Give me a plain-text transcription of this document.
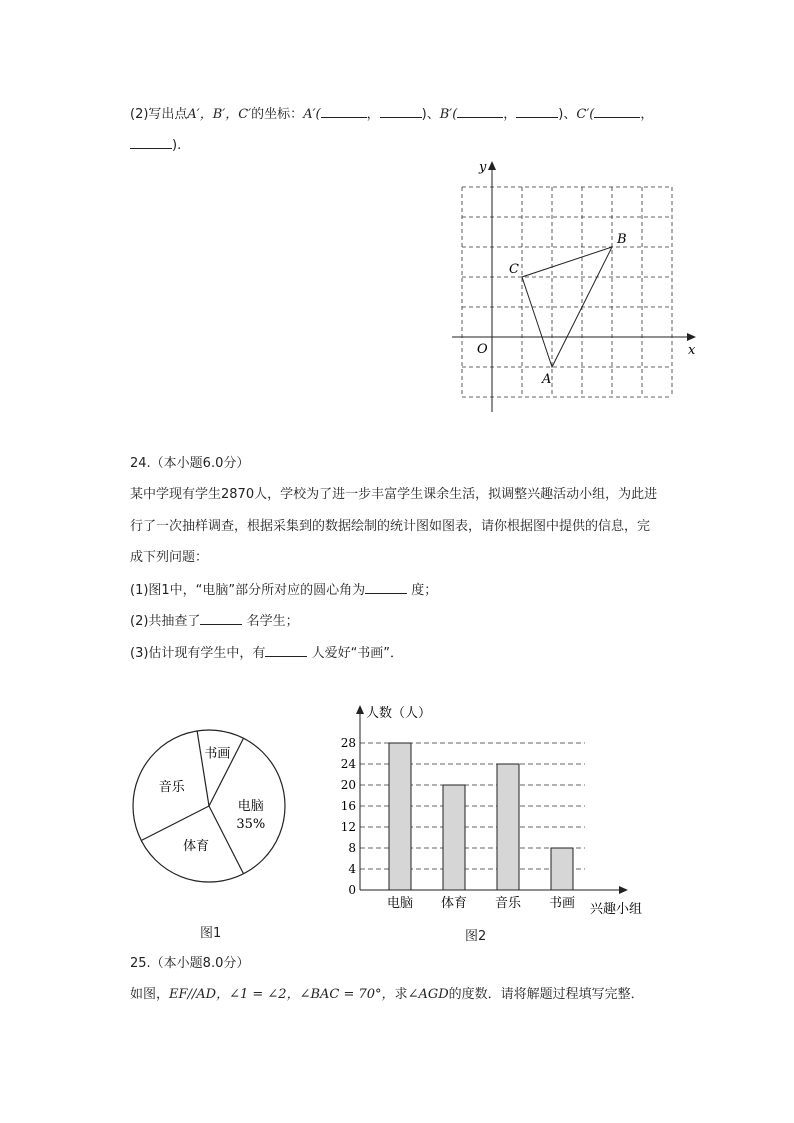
(2)写出点A′，B′，C′的坐标：A′(	，	)、B′(	，	)、C′(	，
).
x
y
O
A
B
C
24.（本小题6.0分）
某中学现有学生2870人，学校为了进一步丰富学生课余生活，拟调整兴趣活动小组，为此进
行了一次抽样调查，根据采集到的数据绘制的统计图如图表，请你根据图中提供的信息，完
成下列问题：
(1)图1中，“电脑”部分所对应的圆心角为	度；
(2)共抽查了	名学生；
(3)估计现有学生中，有	人爱好“书画”．
电脑
35%
体育
音乐
书画
图1
0
4
8
12
16
20
24
28
人数（人）
兴趣小组
电脑 体育 音乐 书画
图2
25.（本小题8.0分）
如图，EF//AD，∠1 = ∠2，∠BAC = 70°，求∠AGD的度数．请将解题过程填写完整．
